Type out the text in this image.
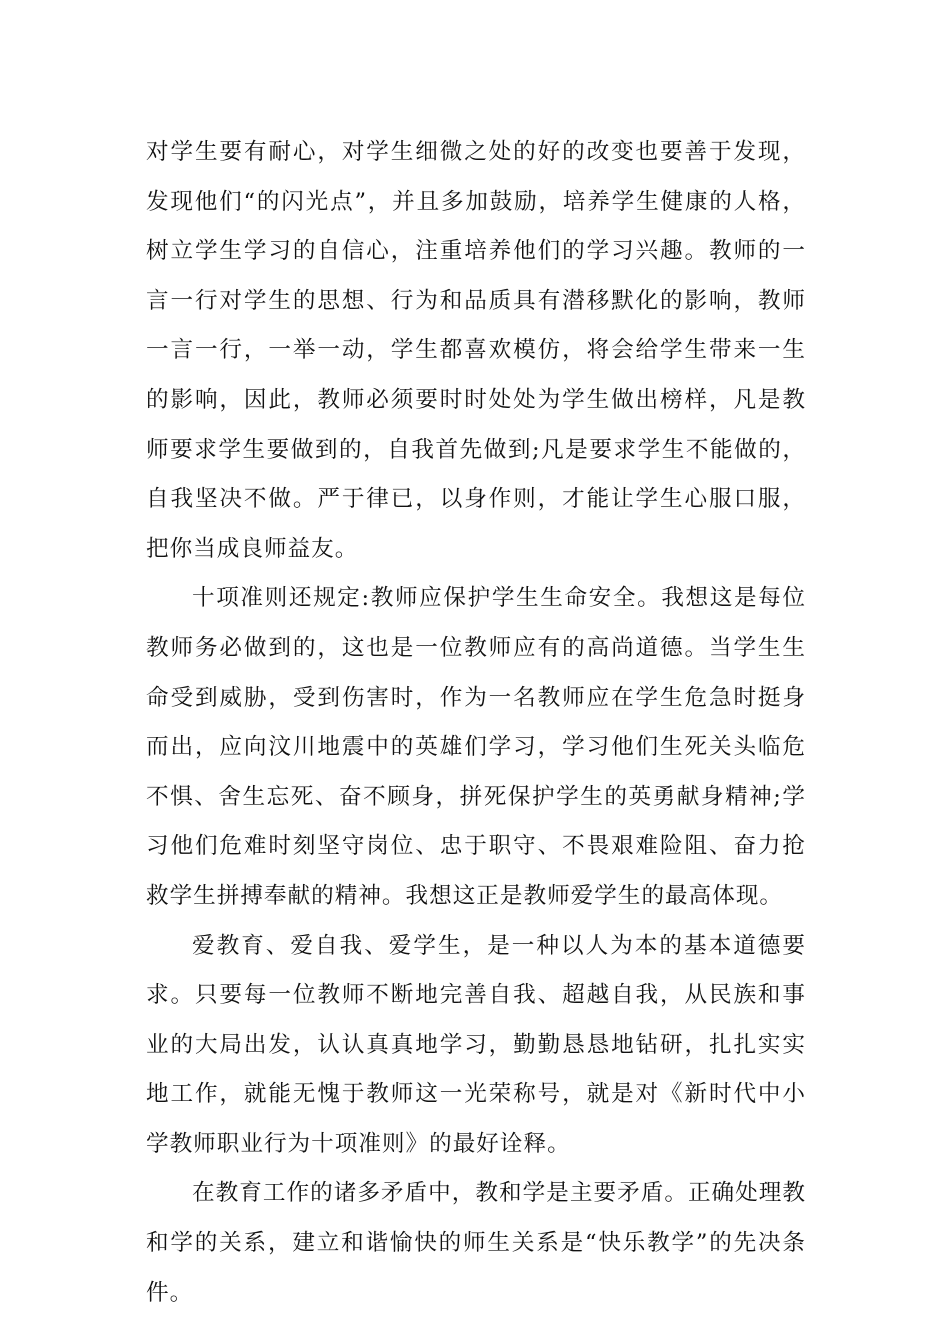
对学生要有耐心，对学生细微之处的好的改变也要善于发现，发现他们“的闪光点”，并且多加鼓励，培养学生健康的人格，树立学生学习的自信心，注重培养他们的学习兴趣。教师的一言一行对学生的思想、行为和品质具有潜移默化的影响，教师一言一行，一举一动，学生都喜欢模仿，将会给学生带来一生的影响，因此，教师必须要时时处处为学生做出榜样，凡是教师要求学生要做到的，自我首先做到;凡是要求学生不能做的，自我坚决不做。严于律已，以身作则，才能让学生心服口服，把你当成良师益友。

十项准则还规定:教师应保护学生生命安全。我想这是每位教师务必做到的，这也是一位教师应有的高尚道德。当学生生命受到威胁，受到伤害时，作为一名教师应在学生危急时挺身而出，应向汶川地震中的英雄们学习，学习他们生死关头临危不惧、舍生忘死、奋不顾身，拼死保护学生的英勇献身精神;学习他们危难时刻坚守岗位、忠于职守、不畏艰难险阻、奋力抢救学生拼搏奉献的精神。我想这正是教师爱学生的最高体现。

爱教育、爱自我、爱学生，是一种以人为本的基本道德要求。只要每一位教师不断地完善自我、超越自我，从民族和事业的大局出发，认认真真地学习，勤勤恳恳地钻研，扎扎实实地工作，就能无愧于教师这一光荣称号，就是对《新时代中小学教师职业行为十项准则》的最好诠释。

在教育工作的诸多矛盾中，教和学是主要矛盾。正确处理教和学的关系，建立和谐愉快的师生关系是“快乐教学”的先决条件。
